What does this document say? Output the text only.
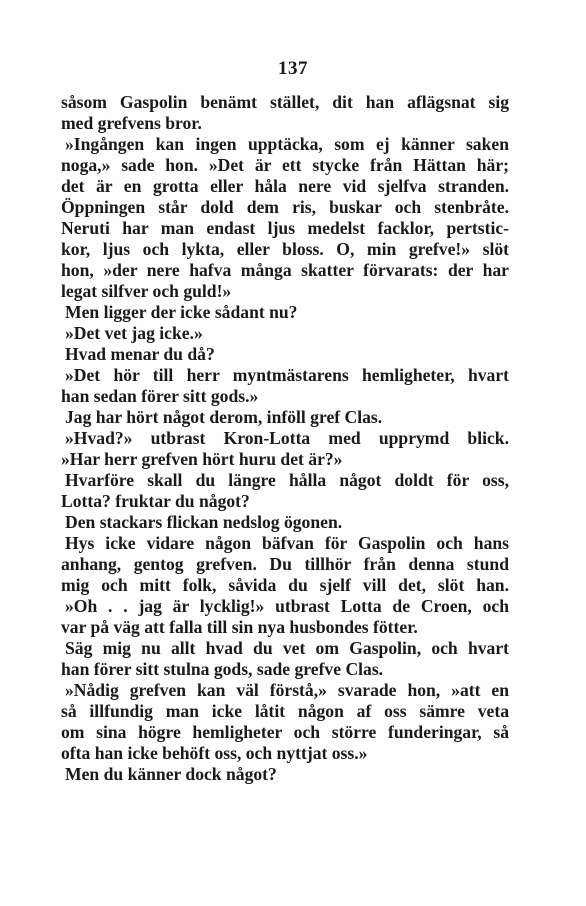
137
såsom Gaspolin benämt stället, dit han aflägsnat sig
med grefvens bror.
»Ingången kan ingen upptäcka, som ej känner saken
noga,» sade hon. »Det är ett stycke från Hättan här;
det är en grotta eller håla nere vid sjelfva stranden.
Öppningen står dold dem ris, buskar och stenbråte.
Neruti har man endast ljus medelst facklor, pertstic-
kor, ljus och lykta, eller bloss. O, min grefve!» slöt
hon, »der nere hafva många skatter förvarats: der har
legat silfver och guld!»
Men ligger der icke sådant nu?
»Det vet jag icke.»
Hvad menar du då?
»Det hör till herr myntmästarens hemligheter, hvart
han sedan förer sitt gods.»
Jag har hört något derom, inföll gref Clas.
»Hvad?» utbrast Kron-Lotta med upprymd blick.
»Har herr grefven hört huru det är?»
Hvarföre skall du längre hålla något doldt för oss,
Lotta? fruktar du något?
Den stackars flickan nedslog ögonen.
Hys icke vidare någon bäfvan för Gaspolin och hans
anhang, gentog grefven. Du tillhör från denna stund
mig och mitt folk, såvida du sjelf vill det, slöt han.
»Oh . . jag är lycklig!» utbrast Lotta de Croen, och
var på väg att falla till sin nya husbondes fötter.
Säg mig nu allt hvad du vet om Gaspolin, och hvart
han förer sitt stulna gods, sade grefve Clas.
»Nådig grefven kan väl förstå,» svarade hon, »att en
så illfundig man icke låtit någon af oss sämre veta
om sina högre hemligheter och större funderingar, så
ofta han icke behöft oss, och nyttjat oss.»
Men du känner dock något?
